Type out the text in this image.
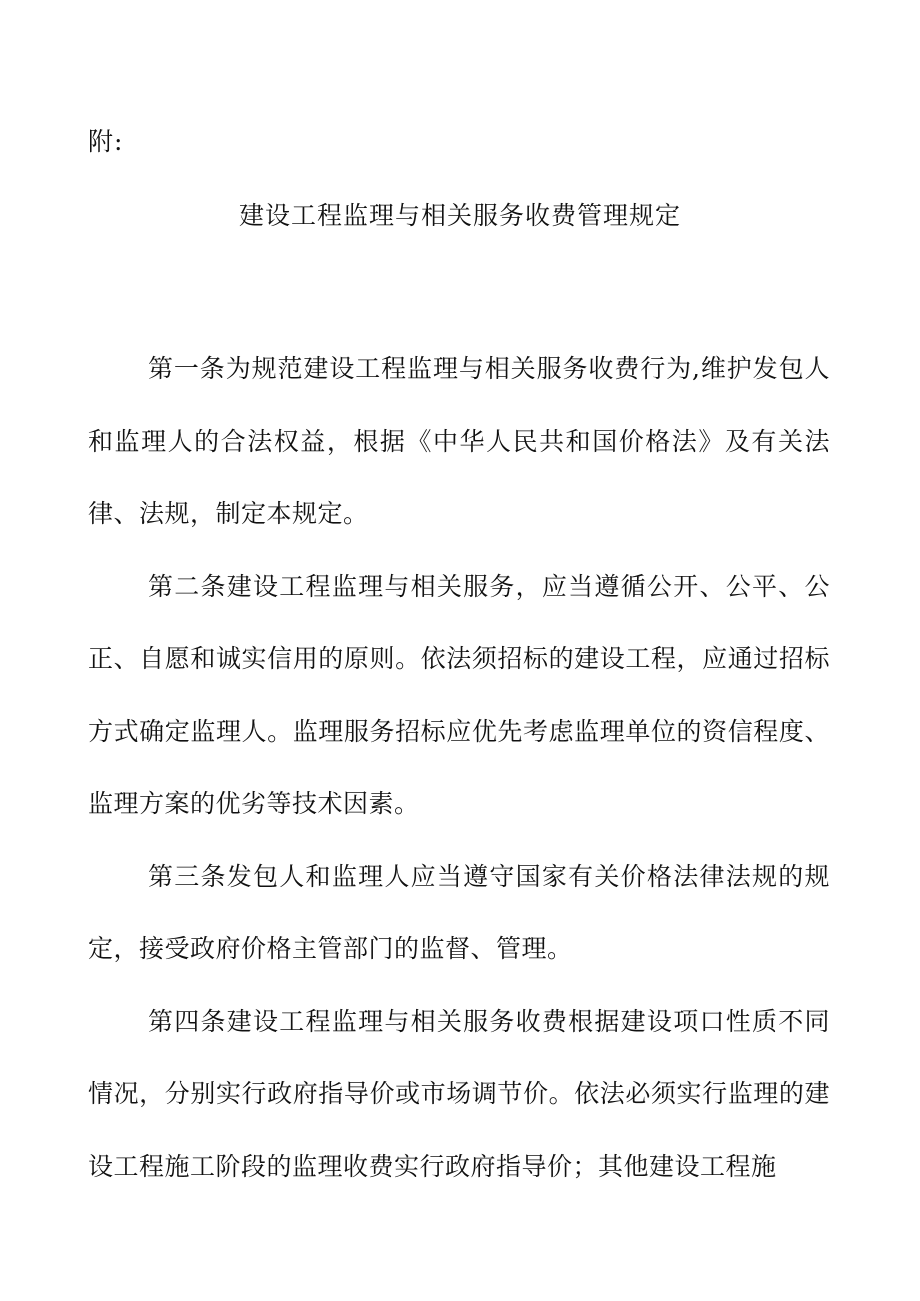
附:
建设工程监理与相关服务收费管理规定

第一条为规范建设工程监理与相关服务收费行为,维护发包人和监理人的合法权益，根据《中华人民共和国价格法》及有关法律、法规，制定本规定。

第二条建设工程监理与相关服务，应当遵循公开、公平、公正、自愿和诚实信用的原则。依法须招标的建设工程，应通过招标方式确定监理人。监理服务招标应优先考虑监理单位的资信程度、监理方案的优劣等技术因素。

第三条发包人和监理人应当遵守国家有关价格法律法规的规定，接受政府价格主管部门的监督、管理。

第四条建设工程监理与相关服务收费根据建设项口性质不同情况，分别实行政府指导价或市场调节价。依法必须实行监理的建设工程施工阶段的监理收费实行政府指导价；其他建设工程施
